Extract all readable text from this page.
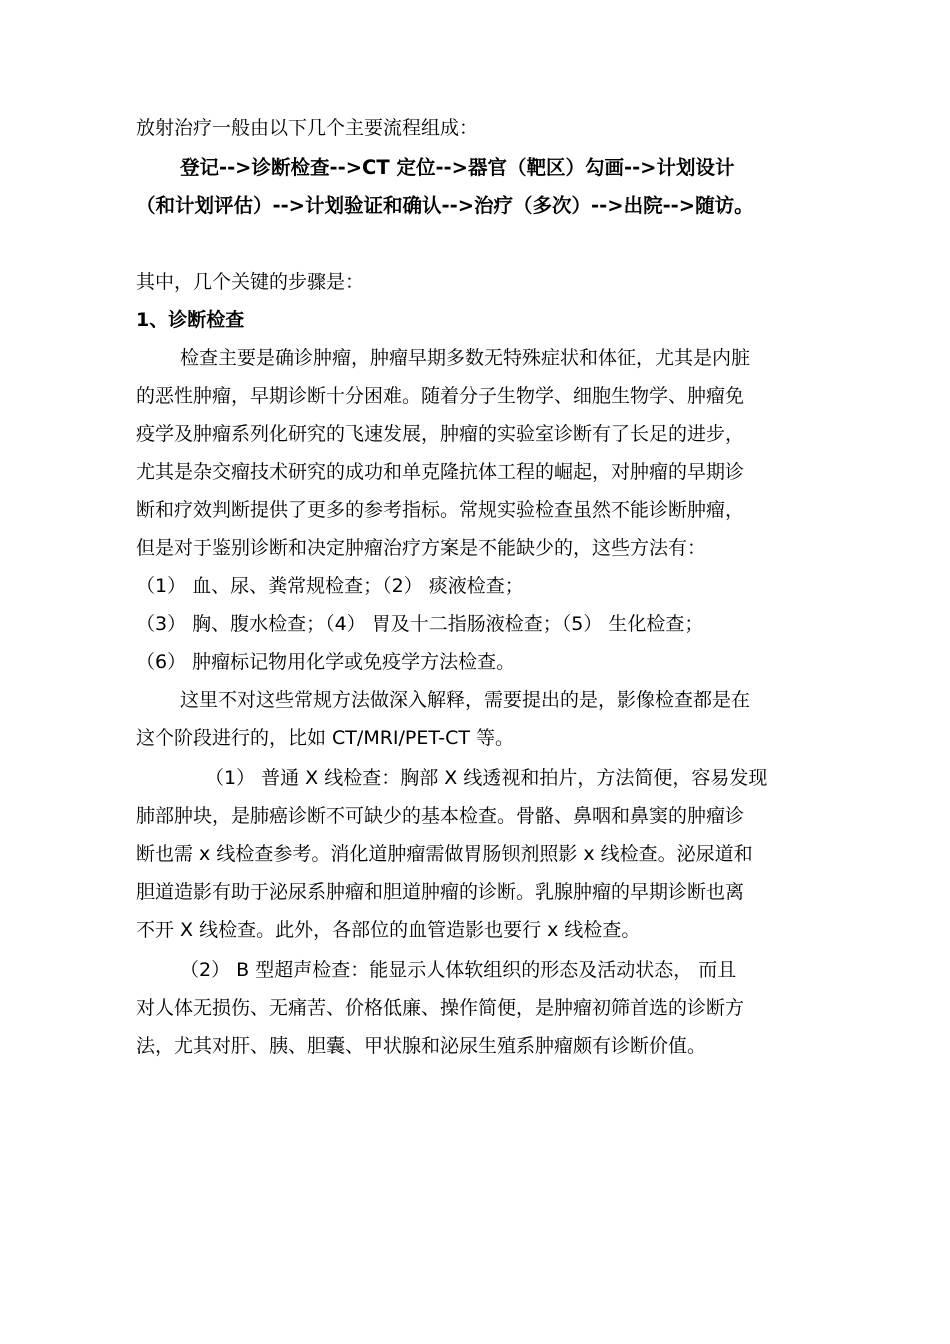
放射治疗一般由以下几个主要流程组成：
登记-->诊断检查-->CT 定位-->器官（靶区）勾画-->计划设计
（和计划评估）-->计划验证和确认-->治疗（多次）-->出院-->随访。
其中，几个关键的步骤是：
1、诊断检查
检查主要是确诊肿瘤，肿瘤早期多数无特殊症状和体征，尤其是内脏
的恶性肿瘤，早期诊断十分困难。随着分子生物学、细胞生物学、肿瘤免
疫学及肿瘤系列化研究的飞速发展，肿瘤的实验室诊断有了长足的进步，
尤其是杂交瘤技术研究的成功和单克隆抗体工程的崛起，对肿瘤的早期诊
断和疗效判断提供了更多的参考指标。常规实验检查虽然不能诊断肿瘤，
但是对于鉴别诊断和决定肿瘤治疗方案是不能缺少的，这些方法有：
（1） 血、尿、粪常规检查；（2） 痰液检查；
（3） 胸、腹水检查；（4） 胃及十二指肠液检查；（5） 生化检查；
（6） 肿瘤标记物用化学或免疫学方法检查。
这里不对这些常规方法做深入解释，需要提出的是，影像检查都是在
这个阶段进行的，比如 CT/MRI/PET-CT 等。
（1） 普通 X 线检查：胸部 X 线透视和拍片，方法简便，容易发现
肺部肿块，是肺癌诊断不可缺少的基本检查。骨骼、鼻咽和鼻窦的肿瘤诊
断也需 x 线检查参考。消化道肿瘤需做胃肠钡剂照影 x 线检查。泌尿道和
胆道造影有助于泌尿系肿瘤和胆道肿瘤的诊断。乳腺肿瘤的早期诊断也离
不开 X 线检查。此外，各部位的血管造影也要行 x 线检查。
（2） B 型超声检查：能显示人体软组织的形态及活动状态， 而且
对人体无损伤、无痛苦、价格低廉、操作简便，是肿瘤初筛首选的诊断方
法，尤其对肝、胰、胆囊、甲状腺和泌尿生殖系肿瘤颇有诊断价值。
